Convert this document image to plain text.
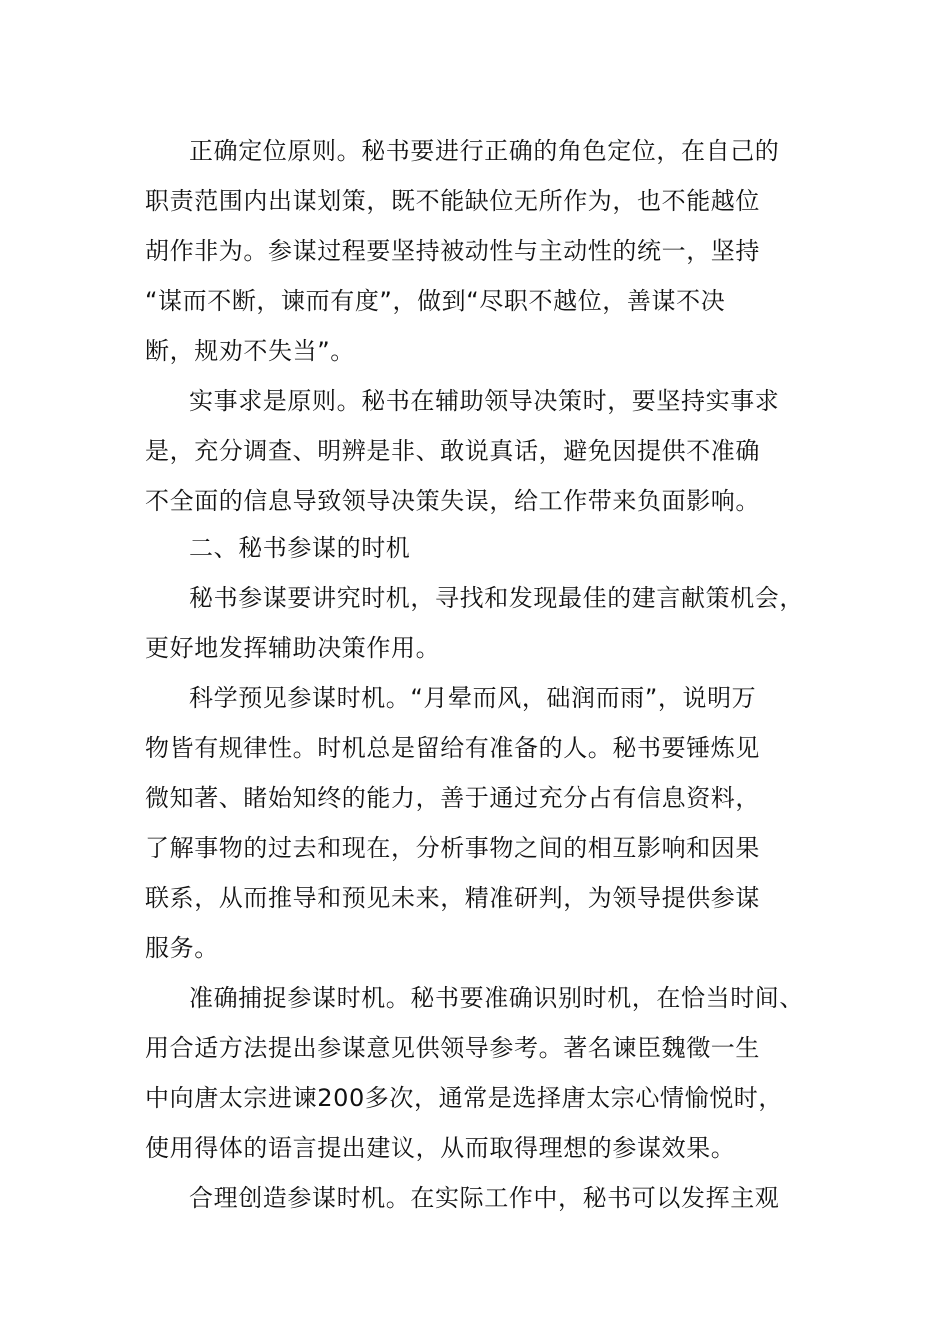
正确定位原则。秘书要进行正确的角色定位，在自己的
职责范围内出谋划策，既不能缺位无所作为，也不能越位
胡作非为。参谋过程要坚持被动性与主动性的统一，坚持
“谋而不断，谏而有度”，做到“尽职不越位，善谋不决
断，规劝不失当”。
实事求是原则。秘书在辅助领导决策时，要坚持实事求
是，充分调查、明辨是非、敢说真话，避免因提供不准确
不全面的信息导致领导决策失误，给工作带来负面影响。
二、秘书参谋的时机
秘书参谋要讲究时机，寻找和发现最佳的建言献策机会，
更好地发挥辅助决策作用。
科学预见参谋时机。“月晕而风，础润而雨”，说明万
物皆有规律性。时机总是留给有准备的人。秘书要锤炼见
微知著、睹始知终的能力，善于通过充分占有信息资料，
了解事物的过去和现在，分析事物之间的相互影响和因果
联系，从而推导和预见未来，精准研判，为领导提供参谋
服务。
准确捕捉参谋时机。秘书要准确识别时机，在恰当时间、
用合适方法提出参谋意见供领导参考。著名谏臣魏徵一生
中向唐太宗进谏200多次，通常是选择唐太宗心情愉悦时，
使用得体的语言提出建议，从而取得理想的参谋效果。
合理创造参谋时机。在实际工作中，秘书可以发挥主观
